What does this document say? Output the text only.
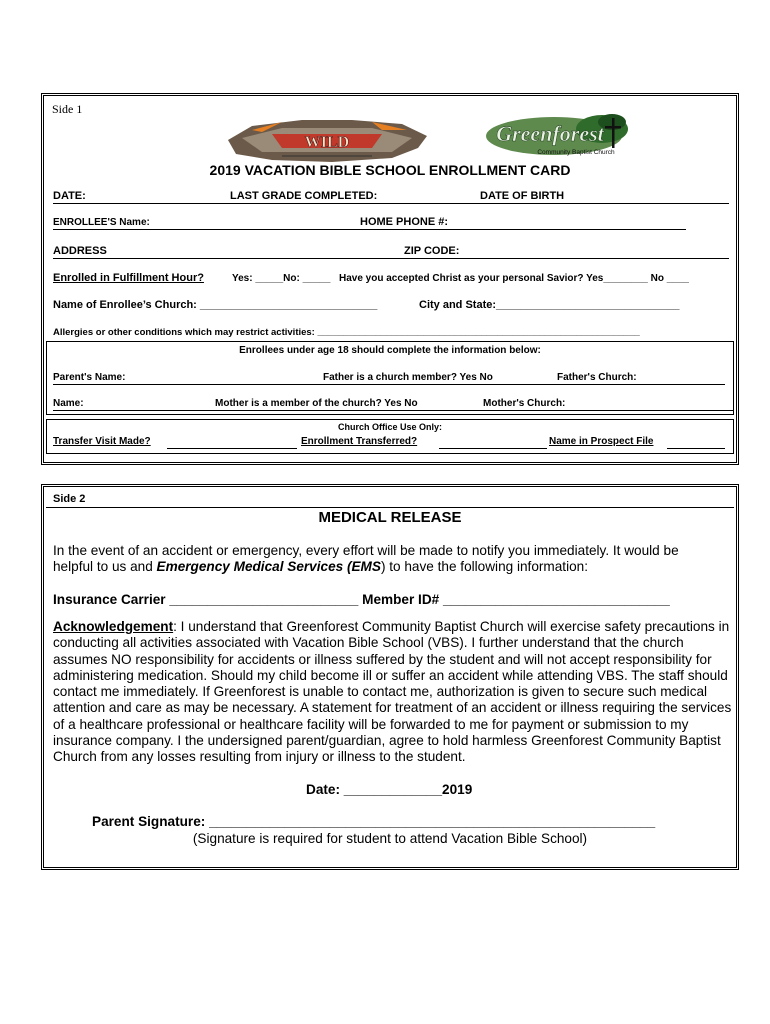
Side 1
WILD	Greenforest
Community Baptist Church
2019 VACATION BIBLE SCHOOL ENROLLMENT CARD
DATE:	LAST GRADE COMPLETED:	DATE OF BIRTH
ENROLLEE'S Name:	HOME PHONE #:
ADDRESS	ZIP CODE:
Enrolled in Fulfillment Hour?	Yes: _____No: _____ Have you accepted Christ as your personal Savior? Yes________ No ____
Name of Enrollee’s Church: _____________________________	City and State:______________________________
Allergies or other conditions which may restrict activities: _____________________________________________________________
Enrollees under age 18 should complete the information below:
Parent's Name:	Father is a church member? Yes No	Father's Church:
Name:	Mother is a member of the church? Yes No	Mother's Church:
Church Office Use Only:
Transfer Visit Made?	Enrollment Transferred?	Name in Prospect File
Side 2
MEDICAL RELEASE
In the event of an accident or emergency, every effort will be made to notify you immediately. It would be
helpful to us and Emergency Medical Services (EMS) to have the following information:
Insurance Carrier _________________________ Member ID# ______________________________
Acknowledgement: I understand that Greenforest Community Baptist Church will exercise safety precautions in conducting all activities associated with Vacation Bible School (VBS). I further understand that the church assumes NO responsibility for accidents or illness suffered by the student and will not accept responsibility for administering medication. Should my child become ill or suffer an accident while attending VBS. The staff should contact me immediately. If Greenforest is unable to contact me, authorization is given to secure such medical attention and care as may be necessary. A statement for treatment of an accident or illness requiring the services of a healthcare professional or healthcare facility will be forwarded to me for payment or submission to my insurance company. I the undersigned parent/guardian, agree to hold harmless Greenforest Community Baptist Church from any losses resulting from injury or illness to the student.
Date: _____________2019
Parent Signature: ___________________________________________________________
(Signature is required for student to attend Vacation Bible School)
